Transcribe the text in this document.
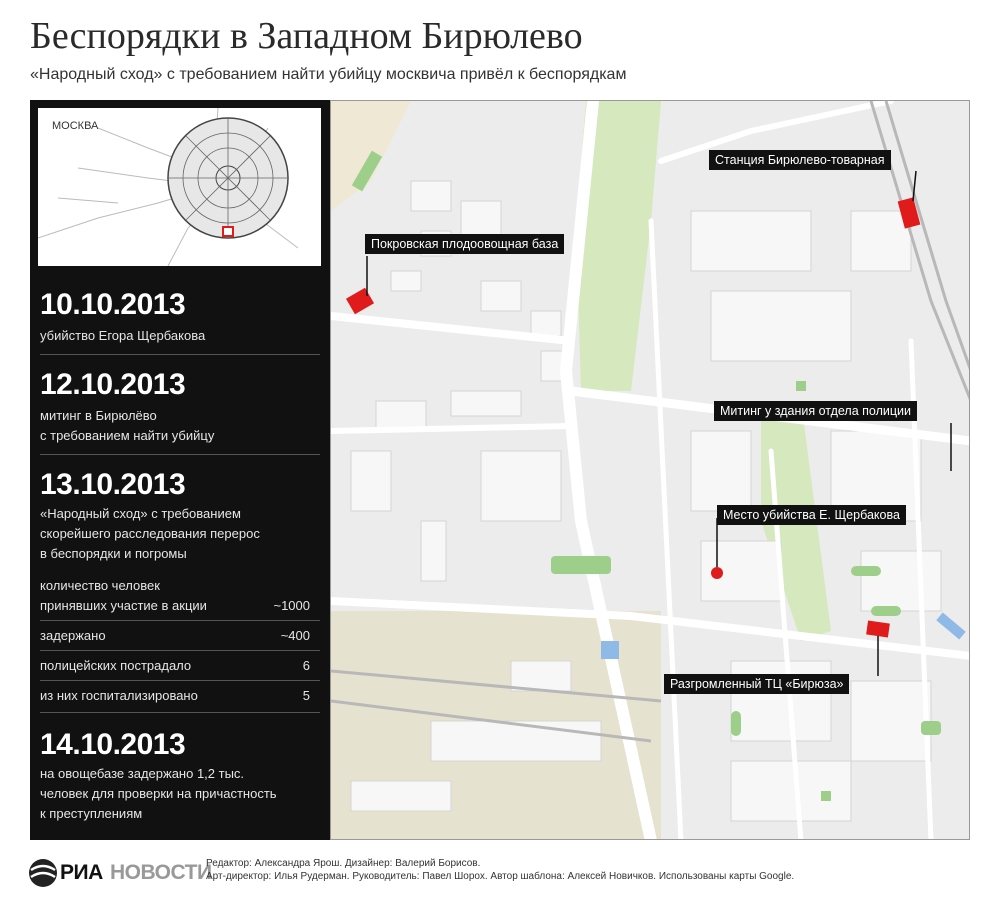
Беспорядки в Западном Бирюлево
«Народный сход» с требованием найти убийцу москвича привёл к беспорядкам
МОСКВА
10.10.2013
убийство Егора Щербакова
12.10.2013
митинг в Бирюлёво
с требованием найти убийцу
13.10.2013
«Народный сход» с требованием
скорейшего расследования перерос
в беспорядки и погромы
количество человек
принявших участие в акции	~1000
задержано	~400
полицейских пострадало	6
из них госпитализировано	5
14.10.2013
на овощебазе задержано 1,2 тыс.
человек для проверки на причастность
к преступлениям
Покровская плодоовощная база
Станция Бирюлево-товарная
Митинг у здания отдела полиции
Место убийства Е. Щербакова
Разгромленный ТЦ «Бирюза»
РИА НОВОСТИ
Редактор: Александра Ярош. Дизайнер: Валерий Борисов.
Арт-директор: Илья Рудерман. Руководитель: Павел Шорох. Автор шаблона: Алексей Новичков. Использованы карты Google.
